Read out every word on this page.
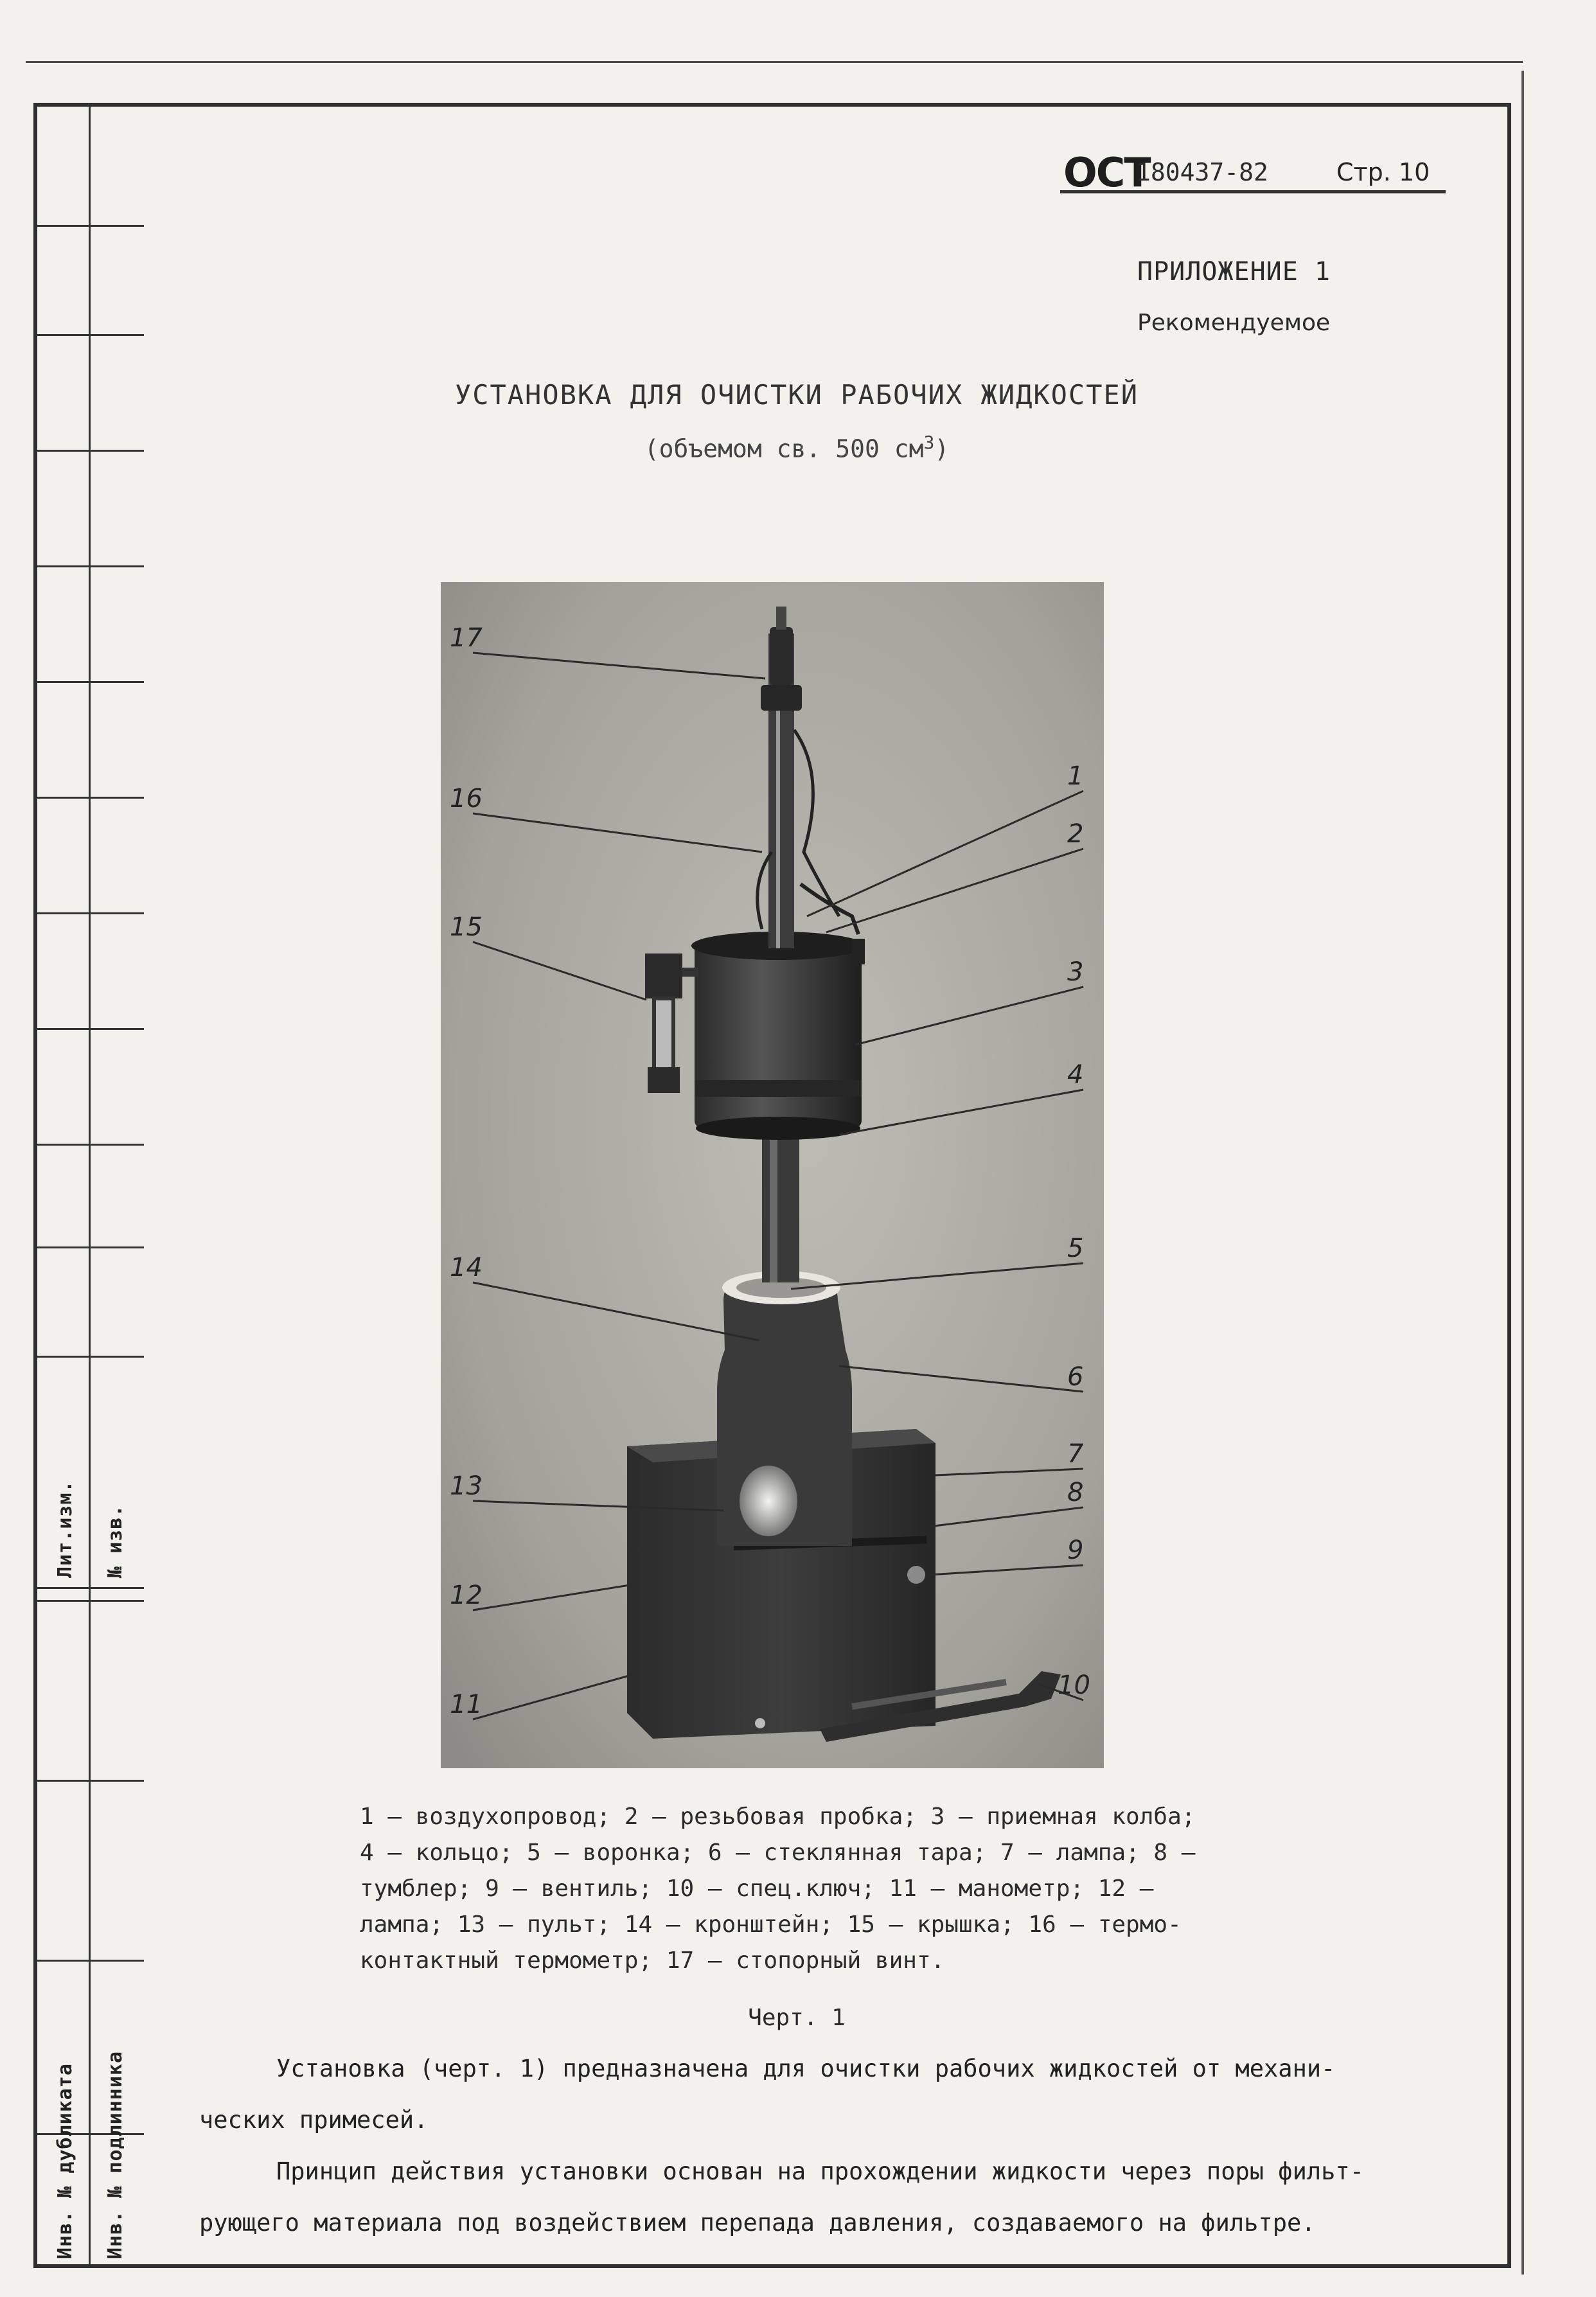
Лит.изм. № изв.
Инв. № дубликата Инв. № подлинника
ОСТ
180437-82	Стр. 10
ПРИЛОЖЕНИЕ 1
Рекомендуемое
УСТАНОВКА ДЛЯ ОЧИСТКИ РАБОЧИХ ЖИДКОСТЕЙ
(объемом св. 500 $см^3$)
17
16
15
14
13
12
11
1
2
3
4
5
6
7
8
9
10
1 – воздухопровод; 2 – резьбовая пробка; 3 – приемная колба;
4 – кольцо; 5 – воронка; 6 – стеклянная тара; 7 – лампа; 8 –
тумблер; 9 – вентиль; 10 – спец.ключ; 11 – манометр; 12 –
лампа; 13 – пульт; 14 – кронштейн; 15 – крышка; 16 – термо-
контактный термометр; 17 – стопорный винт.
Черт. 1
Установка (черт. 1) предназначена для очистки рабочих жидкостей от механи-
ческих примесей.
Принцип действия установки основан на прохождении жидкости через поры фильт-
рующего материала под воздействием перепада давления, создаваемого на фильтре.
